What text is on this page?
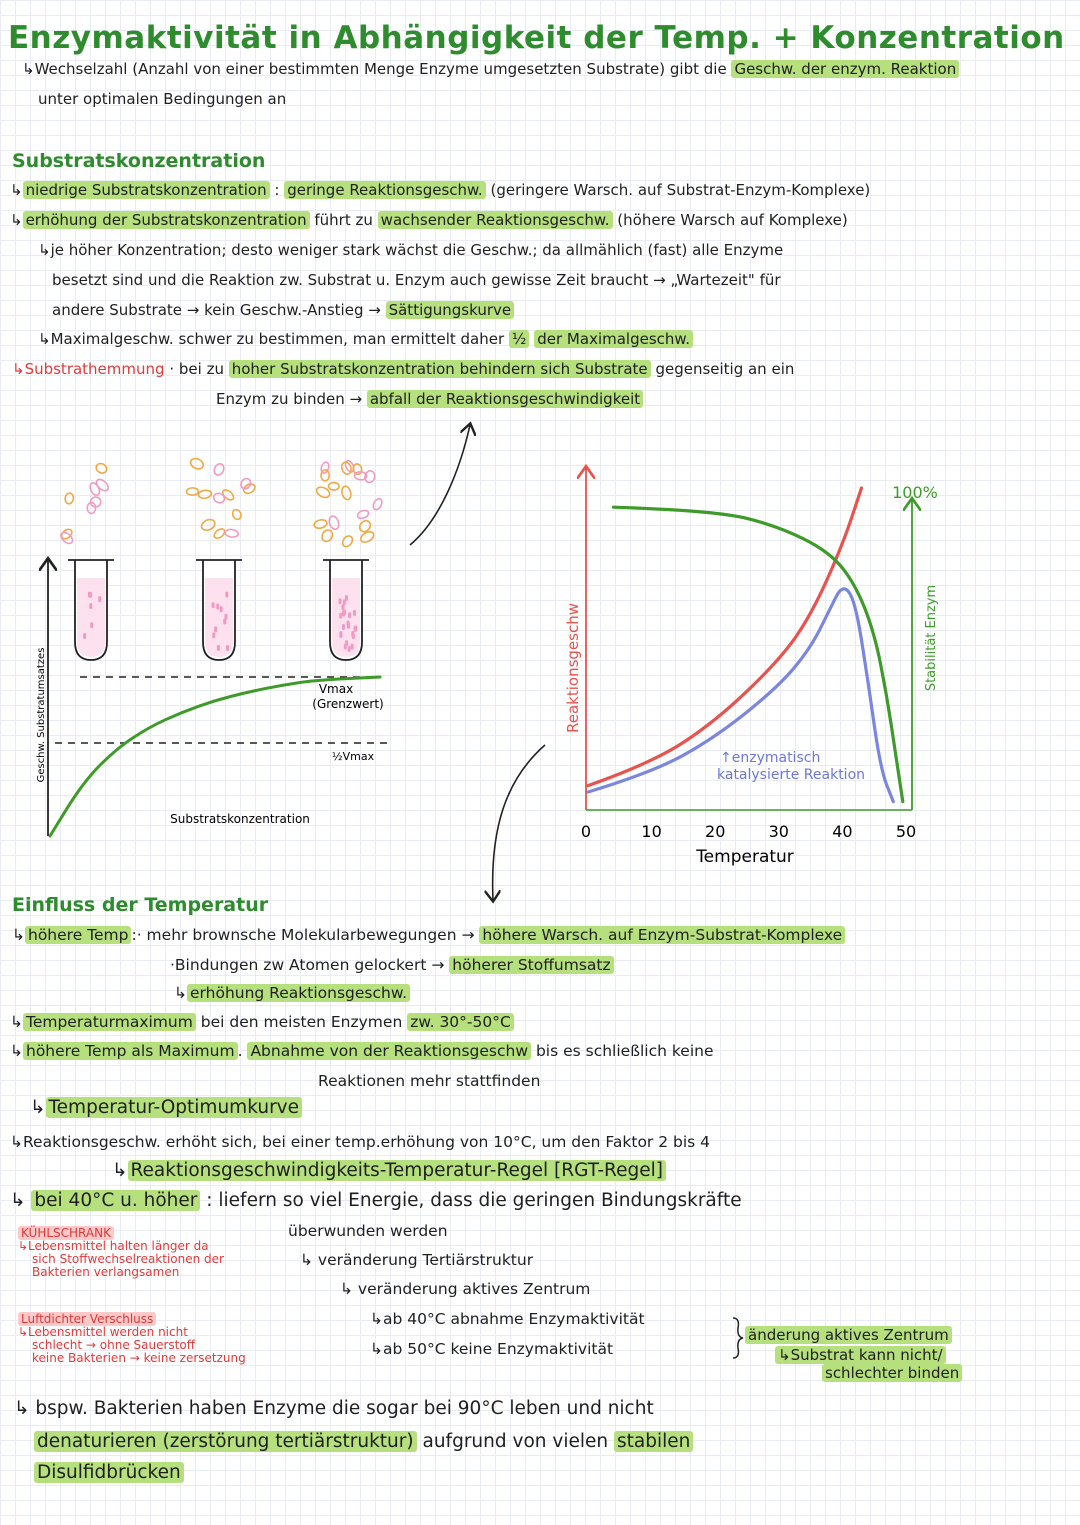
Enzymaktivität in Abhängigkeit der Temp. + Konzentration
↳Wechselzahl (Anzahl von einer bestimmten Menge Enzyme umgesetzten Substrate) gibt die Geschw. der enzym. Reaktion
unter optimalen Bedingungen an
Substratskonzentration
↳ niedrige Substratskonzentration : geringe Reaktionsgeschw. (geringere Warsch. auf Substrat-Enzym-Komplexe)
↳ erhöhung der Substratskonzentration führt zu wachsender Reaktionsgeschw. (höhere Warsch auf Komplexe)
↳je höher Konzentration; desto weniger stark wächst die Geschw.; da allmählich (fast) alle Enzyme
besetzt sind und die Reaktion zw. Substrat u. Enzym auch gewisse Zeit braucht → „Wartezeit" für
andere Substrate → kein Geschw.-Anstieg → Sättigungskurve
↳Maximalgeschw. schwer zu bestimmen, man ermittelt daher ½ der Maximalgeschw.
↳Substrathemmung · bei zu hoher Substratskonzentration behindern sich Substrate gegenseitig an ein
Enzym zu binden → abfall der Reaktionsgeschwindigkeit
Vmax
(Grenzwert)
½Vmax
Substratskonzentration
Geschw. Substratumsatzes
0	10	20	30	40	50
100%
Stabilität Enzym
Reaktionsgeschw
Temperatur
↑enzymatisch
katalysierte Reaktion
Einfluss der Temperatur
↳ höhere Temp :· mehr brownsche Molekularbewegungen → höhere Warsch. auf Enzym-Substrat-Komplexe
·Bindungen zw Atomen gelockert → höherer Stoffumsatz
↳ erhöhung Reaktionsgeschw.
↳ Temperaturmaximum bei den meisten Enzymen zw. 30°-50°C
↳ höhere Temp als Maximum . Abnahme von der Reaktionsgeschw bis es schließlich keine
Reaktionen mehr stattfinden
↳ Temperatur-Optimumkurve
↳Reaktionsgeschw. erhöht sich, bei einer temp.erhöhung von 10°C, um den Faktor 2 bis 4
↳ Reaktionsgeschwindigkeits-Temperatur-Regel [RGT-Regel]
↳ bei 40°C u. höher : liefern so viel Energie, dass die geringen Bindungskräfte
überwunden werden
↳ veränderung Tertiärstruktur
↳ veränderung aktives Zentrum
↳ab 40°C abnahme Enzymaktivität
↳ab 50°C keine Enzymaktivität
änderung aktives Zentrum
↳Substrat kann nicht/
schlechter binden
KÜHLSCHRANK
↳Lebensmittel halten länger da
sich Stoffwechselreaktionen der
Bakterien verlangsamen
Luftdichter Verschluss
↳Lebensmittel werden nicht
schlecht → ohne Sauerstoff
keine Bakterien → keine zersetzung
↳ bspw. Bakterien haben Enzyme die sogar bei 90°C leben und nicht
denaturieren (zerstörung tertiärstruktur) aufgrund von vielen stabilen
Disulfidbrücken
